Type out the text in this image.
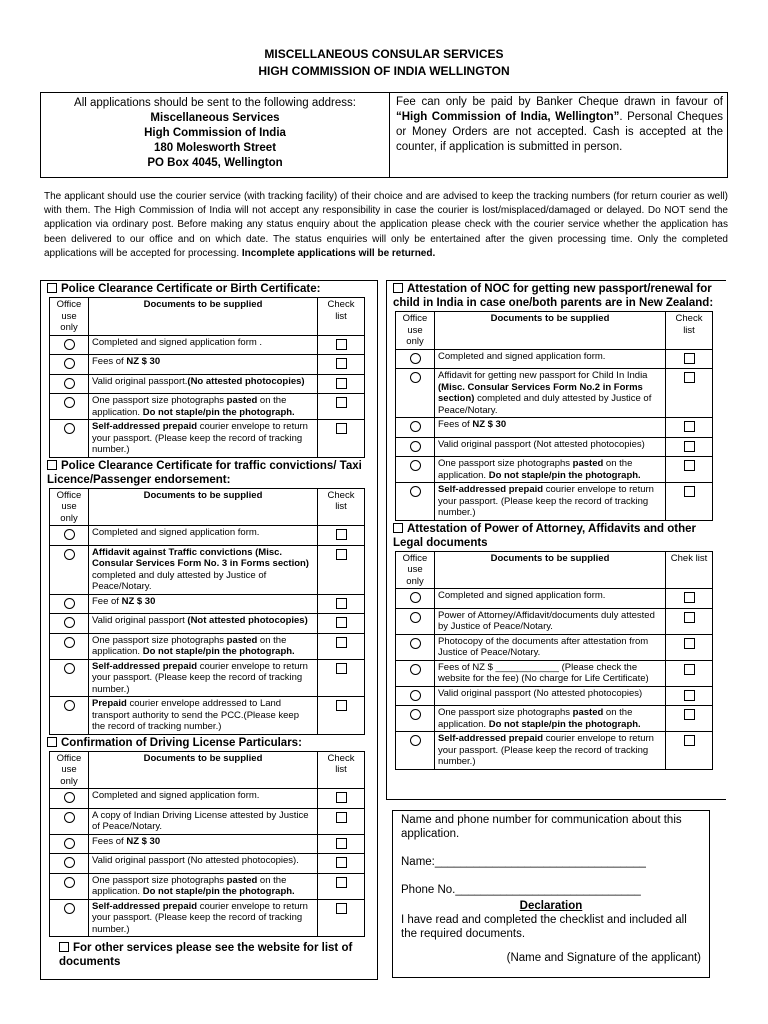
MISCELLANEOUS CONSULAR SERVICES
HIGH COMMISSION OF INDIA WELLINGTON
All applications should be sent to the following address:
Miscellaneous Services
High Commission of India
180 Molesworth Street
PO Box 4045, Wellington
Fee can only be paid by Banker Cheque drawn in favour of “High Commission of India, Wellington”. Personal Cheques or Money Orders are not accepted. Cash is accepted at the counter, if application is submitted in person.
The applicant should use the courier service (with tracking facility) of their choice and are advised to keep the tracking numbers (for return courier as well) with them. The High Commission of India will not accept any responsibility in case the courier is lost/misplaced/damaged or delayed. Do NOT send the application via ordinary post. Before making any status enquiry about the application please check with the courier service whether the application has been delivered to our office and on which date. The status enquiries will only be entertained after the given processing time. Only the completed applications will be accepted for processing. Incomplete applications will be returned.
Police Clearance Certificate or Birth Certificate:
Office use only	Documents to be supplied	Check list
	Completed and signed application form .	
	Fees of NZ $ 30	
	Valid original passport.(No attested photocopies)	
	One passport size photographs pasted on the application. Do not staple/pin the photograph.	
	Self-addressed prepaid courier envelope to return your passport. (Please keep the record of tracking number.)	
Police Clearance Certificate for traffic convictions/ Taxi Licence/Passenger endorsement:
Office use only	Documents to be supplied	Check list
	Completed and signed application form.	
	Affidavit against Traffic convictions (Misc. Consular Services Form No. 3 in Forms section) completed and duly attested by Justice of Peace/Notary.	
	Fee of NZ $ 30	
	Valid original passport (Not attested photocopies)	
	One passport size photographs pasted on the application. Do not staple/pin the photograph.	
	Self-addressed prepaid courier envelope to return your passport. (Please keep the record of tracking number.)	
	Prepaid courier envelope addressed to Land transport authority to send the PCC.(Please keep the record of tracking number.)	
Confirmation of Driving License Particulars:
Office use only	Documents to be supplied	Check list
	Completed and signed application form.	
	A copy of Indian Driving License attested by Justice of Peace/Notary.	
	Fees of NZ $ 30	
	Valid original passport (No attested photocopies).	
	One passport size photographs pasted on the application. Do not staple/pin the photograph.	
	Self-addressed prepaid courier envelope to return your passport. (Please keep the record of tracking number.)	
For other services please see the website for list of documents
Attestation of NOC for getting new passport/renewal for child in India in case one/both parents are in New Zealand:
Office use only	Documents to be supplied	Check list
	Completed and signed application form.	
	Affidavit for getting new passport for Child In India (Misc. Consular Services Form No.2 in Forms section) completed and duly attested by Justice of Peace/Notary.	
	Fees of NZ $ 30	
	Valid original passport (Not attested photocopies)	
	One passport size photographs pasted on the application. Do not staple/pin the photograph.	
	Self-addressed prepaid courier envelope to return your passport. (Please keep the record of tracking number.)	
Attestation of Power of Attorney, Affidavits and other Legal documents
Office use only	Documents to be supplied	Chek list
	Completed and signed application form.	
	Power of Attorney/Affidavit/documents duly attested by Justice of Peace/Notary.	
	Photocopy of the documents after attestation from Justice of Peace/Notary.	
	Fees of NZ $ ____________ (Please check the website for the fee) (No charge for Life Certificate)	
	Valid original passport (No attested photocopies)	
	One passport size photographs pasted on the application. Do not staple/pin the photograph.	
	Self-addressed prepaid courier envelope to return your passport. (Please keep the record of tracking number.)	

Name and phone number for communication about this application.

Name:_________________________________

Phone No._____________________________

Declaration

I have read and completed the checklist and included all the required documents.

(Name and Signature of the applicant)
